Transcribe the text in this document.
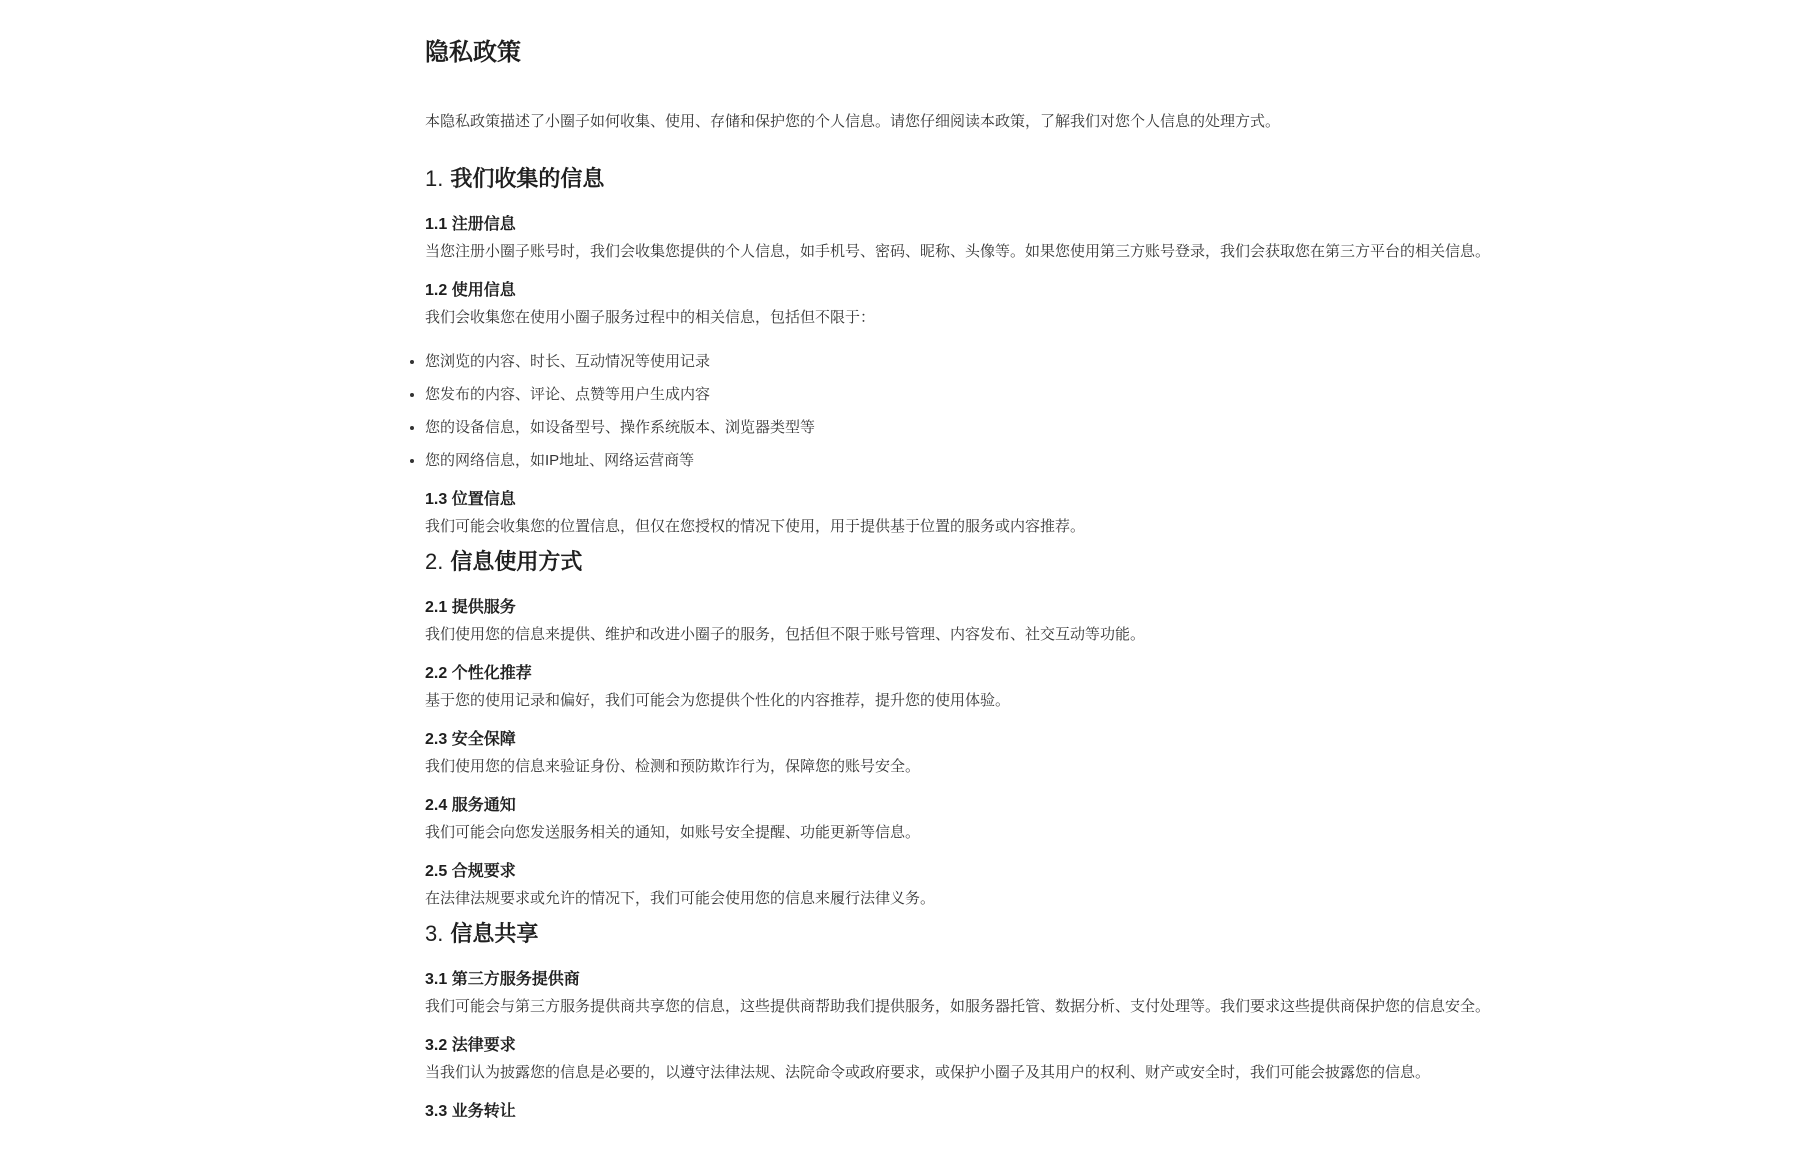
隐私政策

本隐私政策描述了小圈子如何收集、使用、存储和保护您的个人信息。请您仔细阅读本政策，了解我们对您个人信息的处理方式。

1. 我们收集的信息
1.1 注册信息

当您注册小圈子账号时，我们会收集您提供的个人信息，如手机号、密码、昵称、头像等。如果您使用第三方账号登录，我们会获取您在第三方平台的相关信息。

1.2 使用信息

我们会收集您在使用小圈子服务过程中的相关信息，包括但不限于：

• 您浏览的内容、时长、互动情况等使用记录
• 您发布的内容、评论、点赞等用户生成内容
• 您的设备信息，如设备型号、操作系统版本、浏览器类型等
• 您的网络信息，如IP地址、网络运营商等
1.3 位置信息

我们可能会收集您的位置信息，但仅在您授权的情况下使用，用于提供基于位置的服务或内容推荐。

2. 信息使用方式
2.1 提供服务

我们使用您的信息来提供、维护和改进小圈子的服务，包括但不限于账号管理、内容发布、社交互动等功能。

2.2 个性化推荐

基于您的使用记录和偏好，我们可能会为您提供个性化的内容推荐，提升您的使用体验。

2.3 安全保障

我们使用您的信息来验证身份、检测和预防欺诈行为，保障您的账号安全。

2.4 服务通知

我们可能会向您发送服务相关的通知，如账号安全提醒、功能更新等信息。

2.5 合规要求

在法律法规要求或允许的情况下，我们可能会使用您的信息来履行法律义务。

3. 信息共享
3.1 第三方服务提供商

我们可能会与第三方服务提供商共享您的信息，这些提供商帮助我们提供服务，如服务器托管、数据分析、支付处理等。我们要求这些提供商保护您的信息安全。

3.2 法律要求

当我们认为披露您的信息是必要的，以遵守法律法规、法院命令或政府要求，或保护小圈子及其用户的权利、财产或安全时，我们可能会披露您的信息。

3.3 业务转让
